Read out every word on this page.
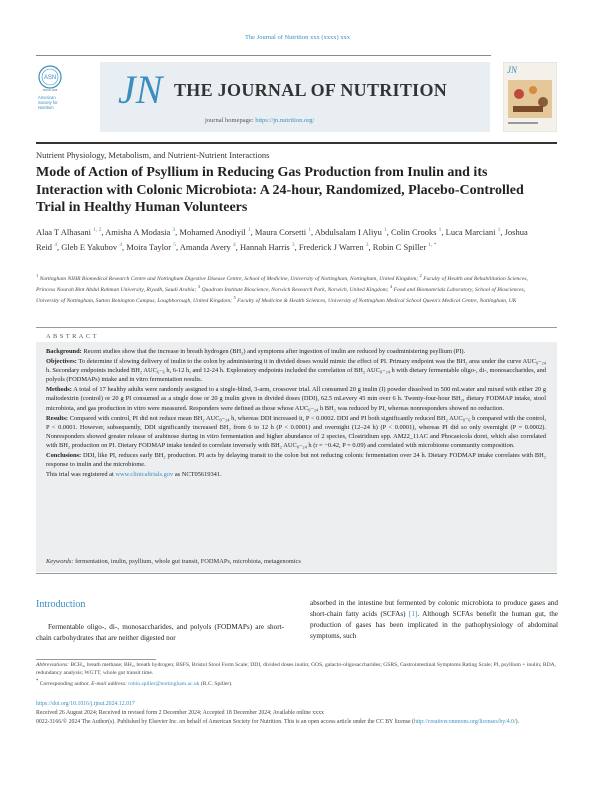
The Journal of Nutrition xxx (xxxx) xxx
ASN
SINCE 1928
American
Society for
Nutrition JN THE JOURNAL OF NUTRITION
journal homepage: https://jn.nutrition.org/
JN
Nutrient Physiology, Metabolism, and Nutrient-Nutrient Interactions
Mode of Action of Psyllium in Reducing Gas Production from Inulin and its Interaction with Colonic Microbiota: A 24-hour, Randomized, Placebo-Controlled Trial in Healthy Human Volunteers
Alaa T Alhasani $^{1, 2}$, Amisha A Modasia $^3$, Mohamed Anodiyil $^1$, Maura Corsetti $^1$, Abdulsalam I Aliyu $^1$, Colin Crooks $^1$, Luca Marciani $^1$, Joshua Reid $^4$, Gleb E Yakubov $^4$, Moira Taylor $^5$, Amanda Avery $^4$, Hannah Harris $^3$, Frederick J Warren $^3$, Robin C Spiller $^{1, *}$
$^1$ Nottingham NIHR Biomedical Research Centre and Nottingham Digestive Disease Centre, School of Medicine, University of Nottingham, Nottingham, United Kingdom; $^2$ Faculty of Health and Rehabilitation Sciences, Princess Nourah Bint Abdul Rahman University, Riyadh, Saudi Arabia; $^3$ Quadram Institute Bioscience, Norwich Research Park, Norwich, United Kingdom; $^4$ Food and Biomaterials Laboratory, School of Biosciences, University of Nottingham, Sutton Bonington Campus, Loughborough, United Kingdom; $^5$ Faculty of Medicine & Health Sciences, University of Nottingham Medical School Queen's Medical Centre, Nottingham, UK
ABSTRACT

Background: Recent studies show that the increase in breath hydrogen (BH₂) and symptoms after ingestion of inulin are reduced by coadministering psyllium (PI).

Objectives: To determine if slowing delivery of inulin to the colon by administering it in divided doses would mimic the effect of PI. Primary endpoint was the BH₂ area under the curve AUC₀₋₂₄ h. Secondary endpoints included BH₂ AUC₆₋₆ h, 6-12 h, and 12-24 h. Exploratory endpoints included the correlation of BH₂ AUC₀₋₂₄ h with dietary fermentable oligo-, di-, monosaccharides, and polyols (FODMAPs) intake and in vitro fermentation results.

Methods: A total of 17 healthy adults were randomly assigned to a single-blind, 3-arm, crossover trial. All consumed 20 g inulin (I) powder dissolved in 500 mLwater and mixed with either 20 g maltodextrin (control) or 20 g PI consumed as a single dose or 20 g inulin given in divided doses (DDI), 62.5 mLevery 45 min over 6 h. Twenty-four-hour BH₂, dietary FODMAP intake, stool microbiota, and gas production in vitro were measured. Responders were defined as those whose AUC₀₋₂₄ h BH₂ was reduced by PI, whereas nonresponders showed no reduction.

Results: Compared with control, PI did not reduce mean BH₂ AUC₀₋₂₄ h, whereas DDI increased it, P < 0.0002. DDI and PI both significantly reduced BH₂ AUC₀₋₆ h compared with the control, P < 0.0001. However, subsequently, DDI significantly increased BH₂ from 6 to 12 h (P < 0.0001) and overnight (12–24 h) (P < 0.0001), whereas PI did so only overnight (P = 0.0002). Nonresponders showed greater release of arabinose during in vitro fermentation and higher abundance of 2 species, Clostridium spp. AM22_11AC and Phocaeicola dorei, which also correlated with BH₂ production on PI. Dietary FODMAP intake tended to correlate inversely with BH₂ AUC₀₋₂₄ h (r = −0.42, P = 0.09) and correlated with microbiome community composition.

Conclusions: DDI, like PI, reduces early BH₂ production. PI acts by delaying transit to the colon but not reducing colonic fermentation over 24 h. Dietary FODMAP intake correlates with BH₂ response to inulin and the microbiome.

This trial was registered at www.clinicaltrials.gov as NCT05619341.

Keywords: fermentation, inulin, psyllium, whole gut transit, FODMAPs, microbiota, metagenomics
Introduction
Fermentable oligo-, di-, monosaccharides, and polyols (FODMAPs) are short-chain carbohydrates that are neither digested nor
absorbed in the intestine but fermented by colonic microbiota to produce gases and short-chain fatty acids (SCFAs) [1]. Although SCFAs benefit the human gut, the production of gases has been implicated in the pathophysiology of abdominal symptoms, such
Abbreviations: BCH₄, breath methane; BH₂, breath hydrogen; BSFS, Bristol Stool Form Scale; DDI, divided doses inulin; GOS, galacto-oligosaccharides; GSRS, Gastrointestinal Symptoms Rating Scale; PI, psyllium + inulin; RDA, redundancy analysis; WGTT, whole gut transit time.
* Corresponding author. E-mail address: robin.spiller@nottingham.ac.uk (R.C. Spiller).
https://doi.org/10.1016/j.tjnut.2024.12.017
Received 26 August 2024; Received in revised form 2 December 2024; Accepted 18 December 2024; Available online xxxx
0022-3166/© 2024 The Author(s). Published by Elsevier Inc. on behalf of American Society for Nutrition. This is an open access article under the CC BY license (http://creativecommons.org/licenses/by/4.0/).
